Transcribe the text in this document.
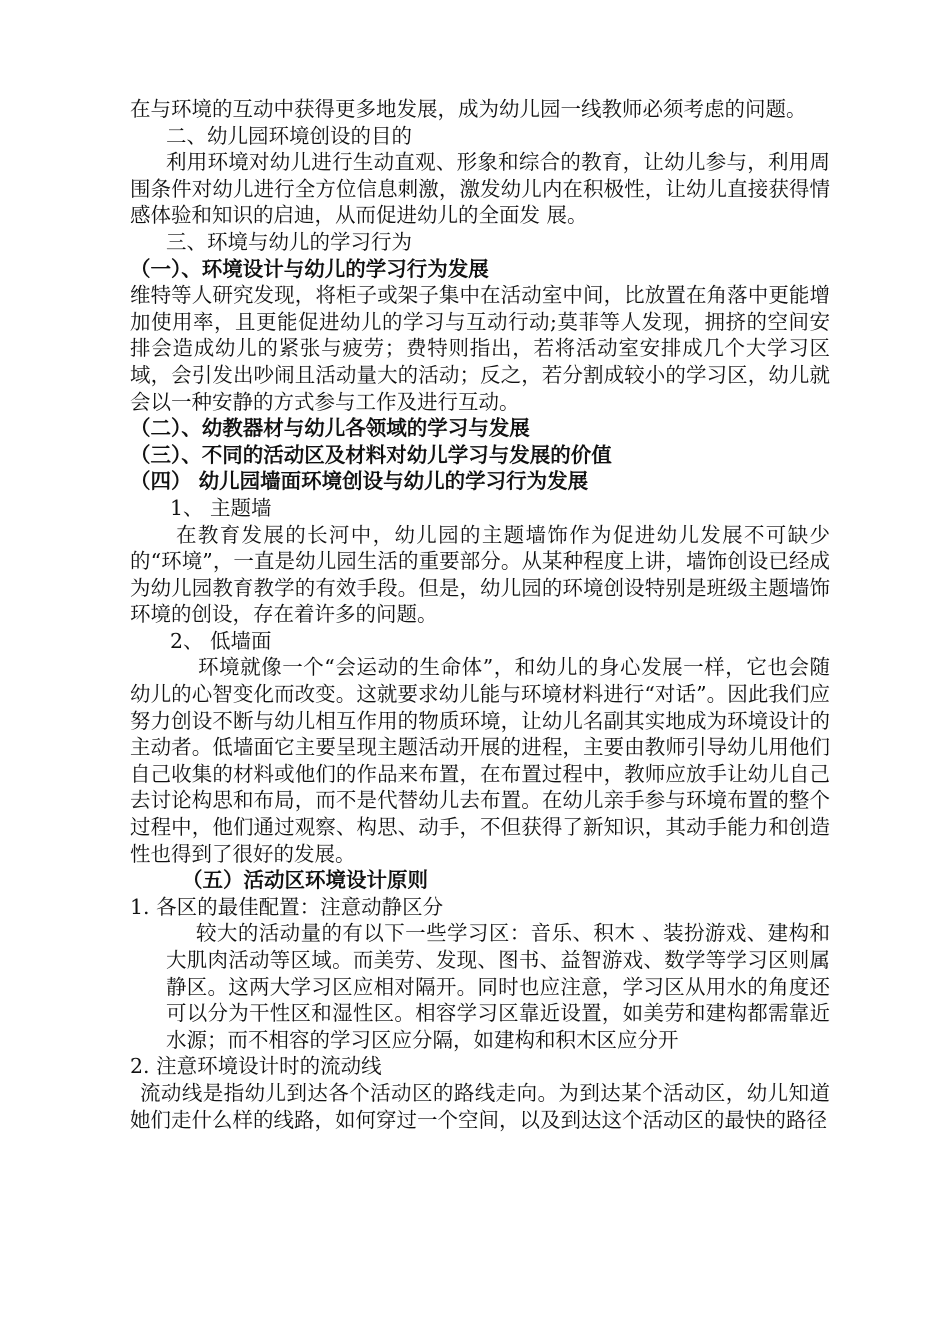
在与环境的互动中获得更多地发展，成为幼儿园一线教师必须考虑的问题。

二、幼儿园环境创设的目的

利用环境对幼儿进行生动直观、形象和综合的教育，让幼儿参与，利用周围条件对幼儿进行全方位信息刺激，激发幼儿内在积极性，让幼儿直接获得情感体验和知识的启迪，从而促进幼儿的全面发 展。

三、环境与幼儿的学习行为

（一）、环境设计与幼儿的学习行为发展

维特等人研究发现，将柜子或架子集中在活动室中间，比放置在角落中更能增加使用率，且更能促进幼儿的学习与互动行动;莫菲等人发现，拥挤的空间安排会造成幼儿的紧张与疲劳；费特则指出，若将活动室安排成几个大学习区域，会引发出吵闹且活动量大的活动；反之，若分割成较小的学习区，幼儿就会以一种安静的方式参与工作及进行互动。

（二）、幼教器材与幼儿各领域的学习与发展

（三）、不同的活动区及材料对幼儿学习与发展的价值

（四） 幼儿园墙面环境创设与幼儿的学习行为发展

1、 主题墙

在教育发展的长河中，幼儿园的主题墙饰作为促进幼儿发展不可缺少的“环境”，一直是幼儿园生活的重要部分。从某种程度上讲，墙饰创设已经成为幼儿园教育教学的有效手段。但是，幼儿园的环境创设特别是班级主题墙饰环境的创设，存在着许多的问题。

2、 低墙面

环境就像一个“会运动的生命体”，和幼儿的身心发展一样，它也会随幼儿的心智变化而改变。这就要求幼儿能与环境材料进行“对话”。因此我们应努力创设不断与幼儿相互作用的物质环境，让幼儿名副其实地成为环境设计的主动者。低墙面它主要呈现主题活动开展的进程，主要由教师引导幼儿用他们自己收集的材料或他们的作品来布置，在布置过程中，教师应放手让幼儿自己去讨论构思和布局，而不是代替幼儿去布置。在幼儿亲手参与环境布置的整个过程中，他们通过观察、构思、动手，不但获得了新知识，其动手能力和创造性也得到了很好的发展。

（五）活动区环境设计原则

1. 各区的最佳配置：注意动静区分

较大的活动量的有以下一些学习区：音乐、积木 、装扮游戏、建构和大肌肉活动等区域。而美劳、发现、图书、益智游戏、数学等学习区则属静区。这两大学习区应相对隔开。同时也应注意，学习区从用水的角度还可以分为干性区和湿性区。相容学习区靠近设置，如美劳和建构都需靠近水源；而不相容的学习区应分隔，如建构和积木区应分开

2. 注意环境设计时的流动线

流动线是指幼儿到达各个活动区的路线走向。为到达某个活动区，幼儿知道她们走什么样的线路，如何穿过一个空间，以及到达这个活动区的最快的路径
